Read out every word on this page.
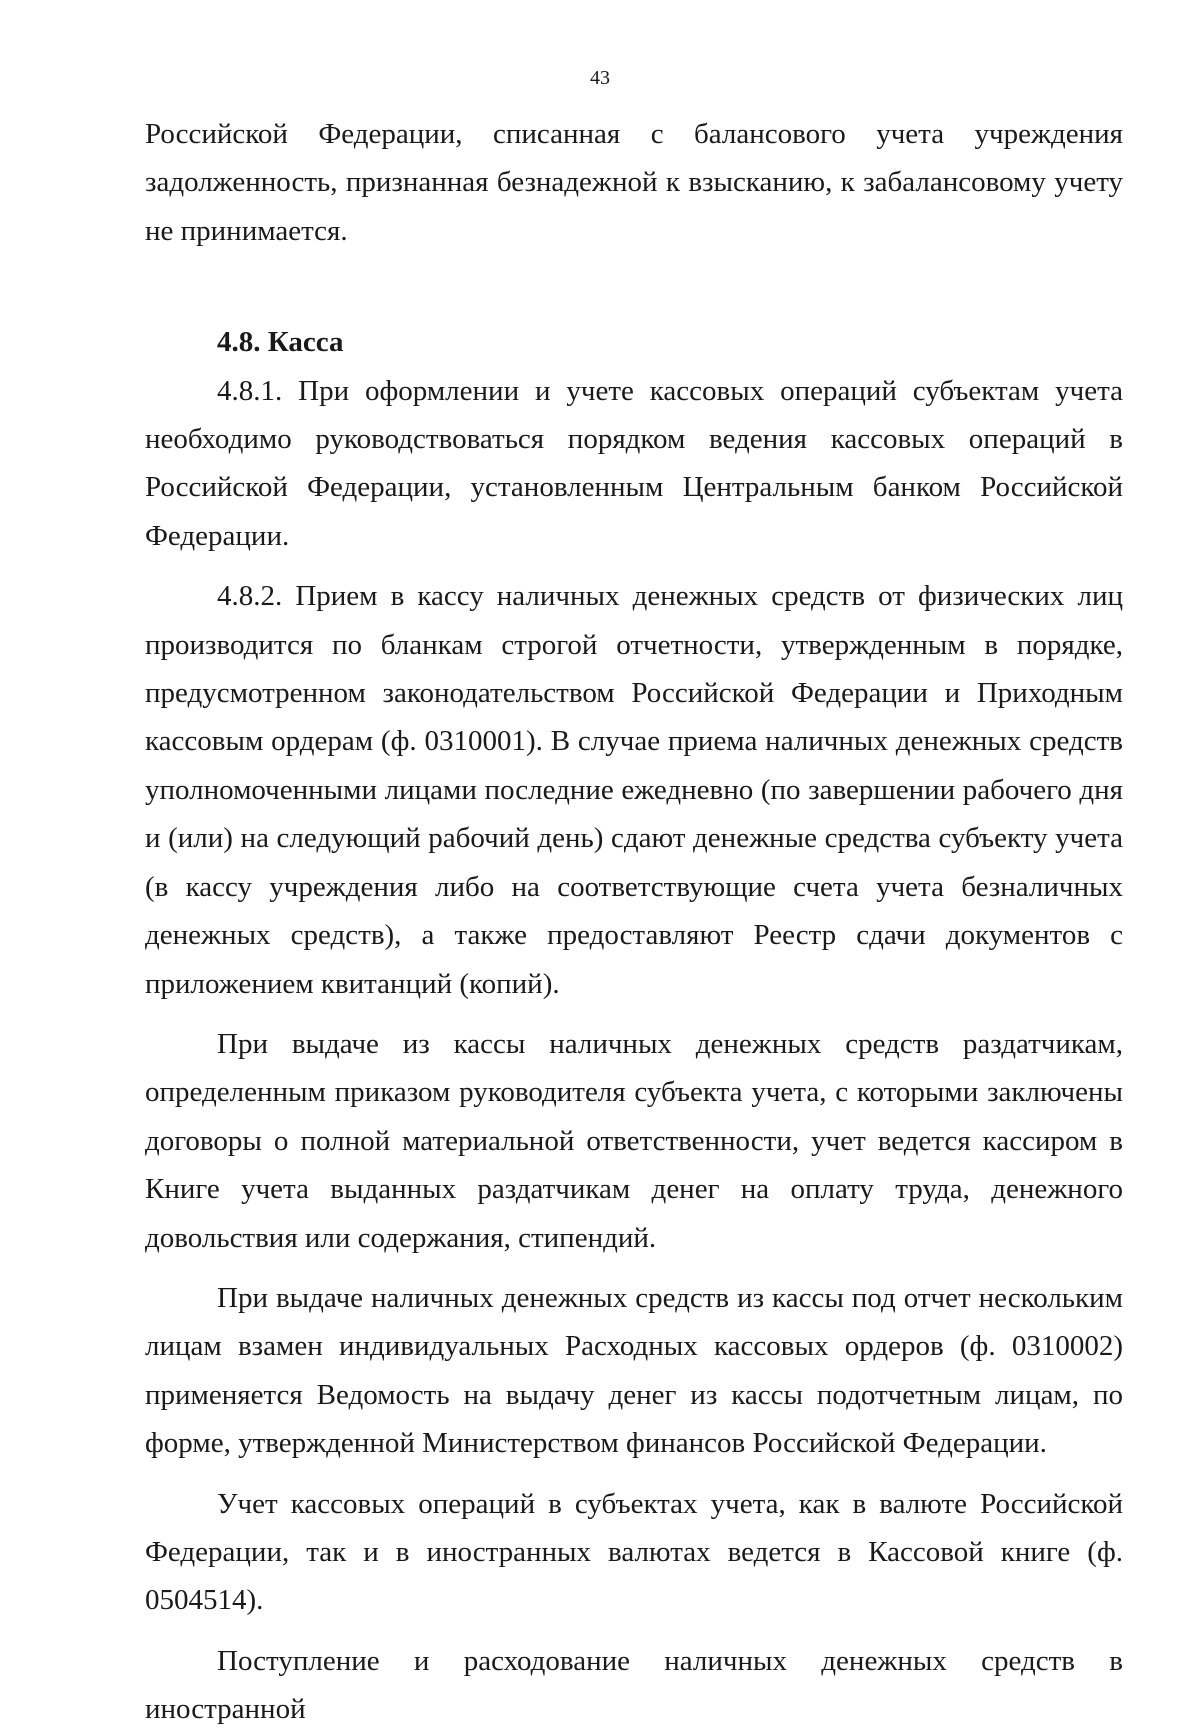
43

Российской Федерации, списанная с балансового учета учреждения задолженность, признанная безнадежной к взысканию, к забалансовому учету не принимается.

4.8. Касса

4.8.1. При оформлении и учете кассовых операций субъектам учета необходимо руководствоваться порядком ведения кассовых операций в Российской Федерации, установленным Центральным банком Российской Федерации.

4.8.2. Прием в кассу наличных денежных средств от физических лиц производится по бланкам строгой отчетности, утвержденным в порядке, предусмотренном законодательством Российской Федерации и Приходным кассовым ордерам (ф. 0310001). В случае приема наличных денежных средств уполномоченными лицами последние ежедневно (по завершении рабочего дня и (или) на следующий рабочий день) сдают денежные средства субъекту учета (в кассу учреждения либо на соответствующие счета учета безналичных денежных средств), а также предоставляют Реестр сдачи документов с приложением квитанций (копий).

При выдаче из кассы наличных денежных средств раздатчикам, определенным приказом руководителя субъекта учета, с которыми заключены договоры о полной материальной ответственности, учет ведется кассиром в Книге учета выданных раздатчикам денег на оплату труда, денежного довольствия или содержания, стипендий.

При выдаче наличных денежных средств из кассы под отчет нескольким лицам взамен индивидуальных Расходных кассовых ордеров (ф. 0310002) применяется Ведомость на выдачу денег из кассы подотчетным лицам, по форме, утвержденной Министерством финансов Российской Федерации.

Учет кассовых операций в субъектах учета, как в валюте Российской Федерации, так и в иностранных валютах ведется в Кассовой книге (ф. 0504514).

Поступление и расходование наличных денежных средств в иностранной
